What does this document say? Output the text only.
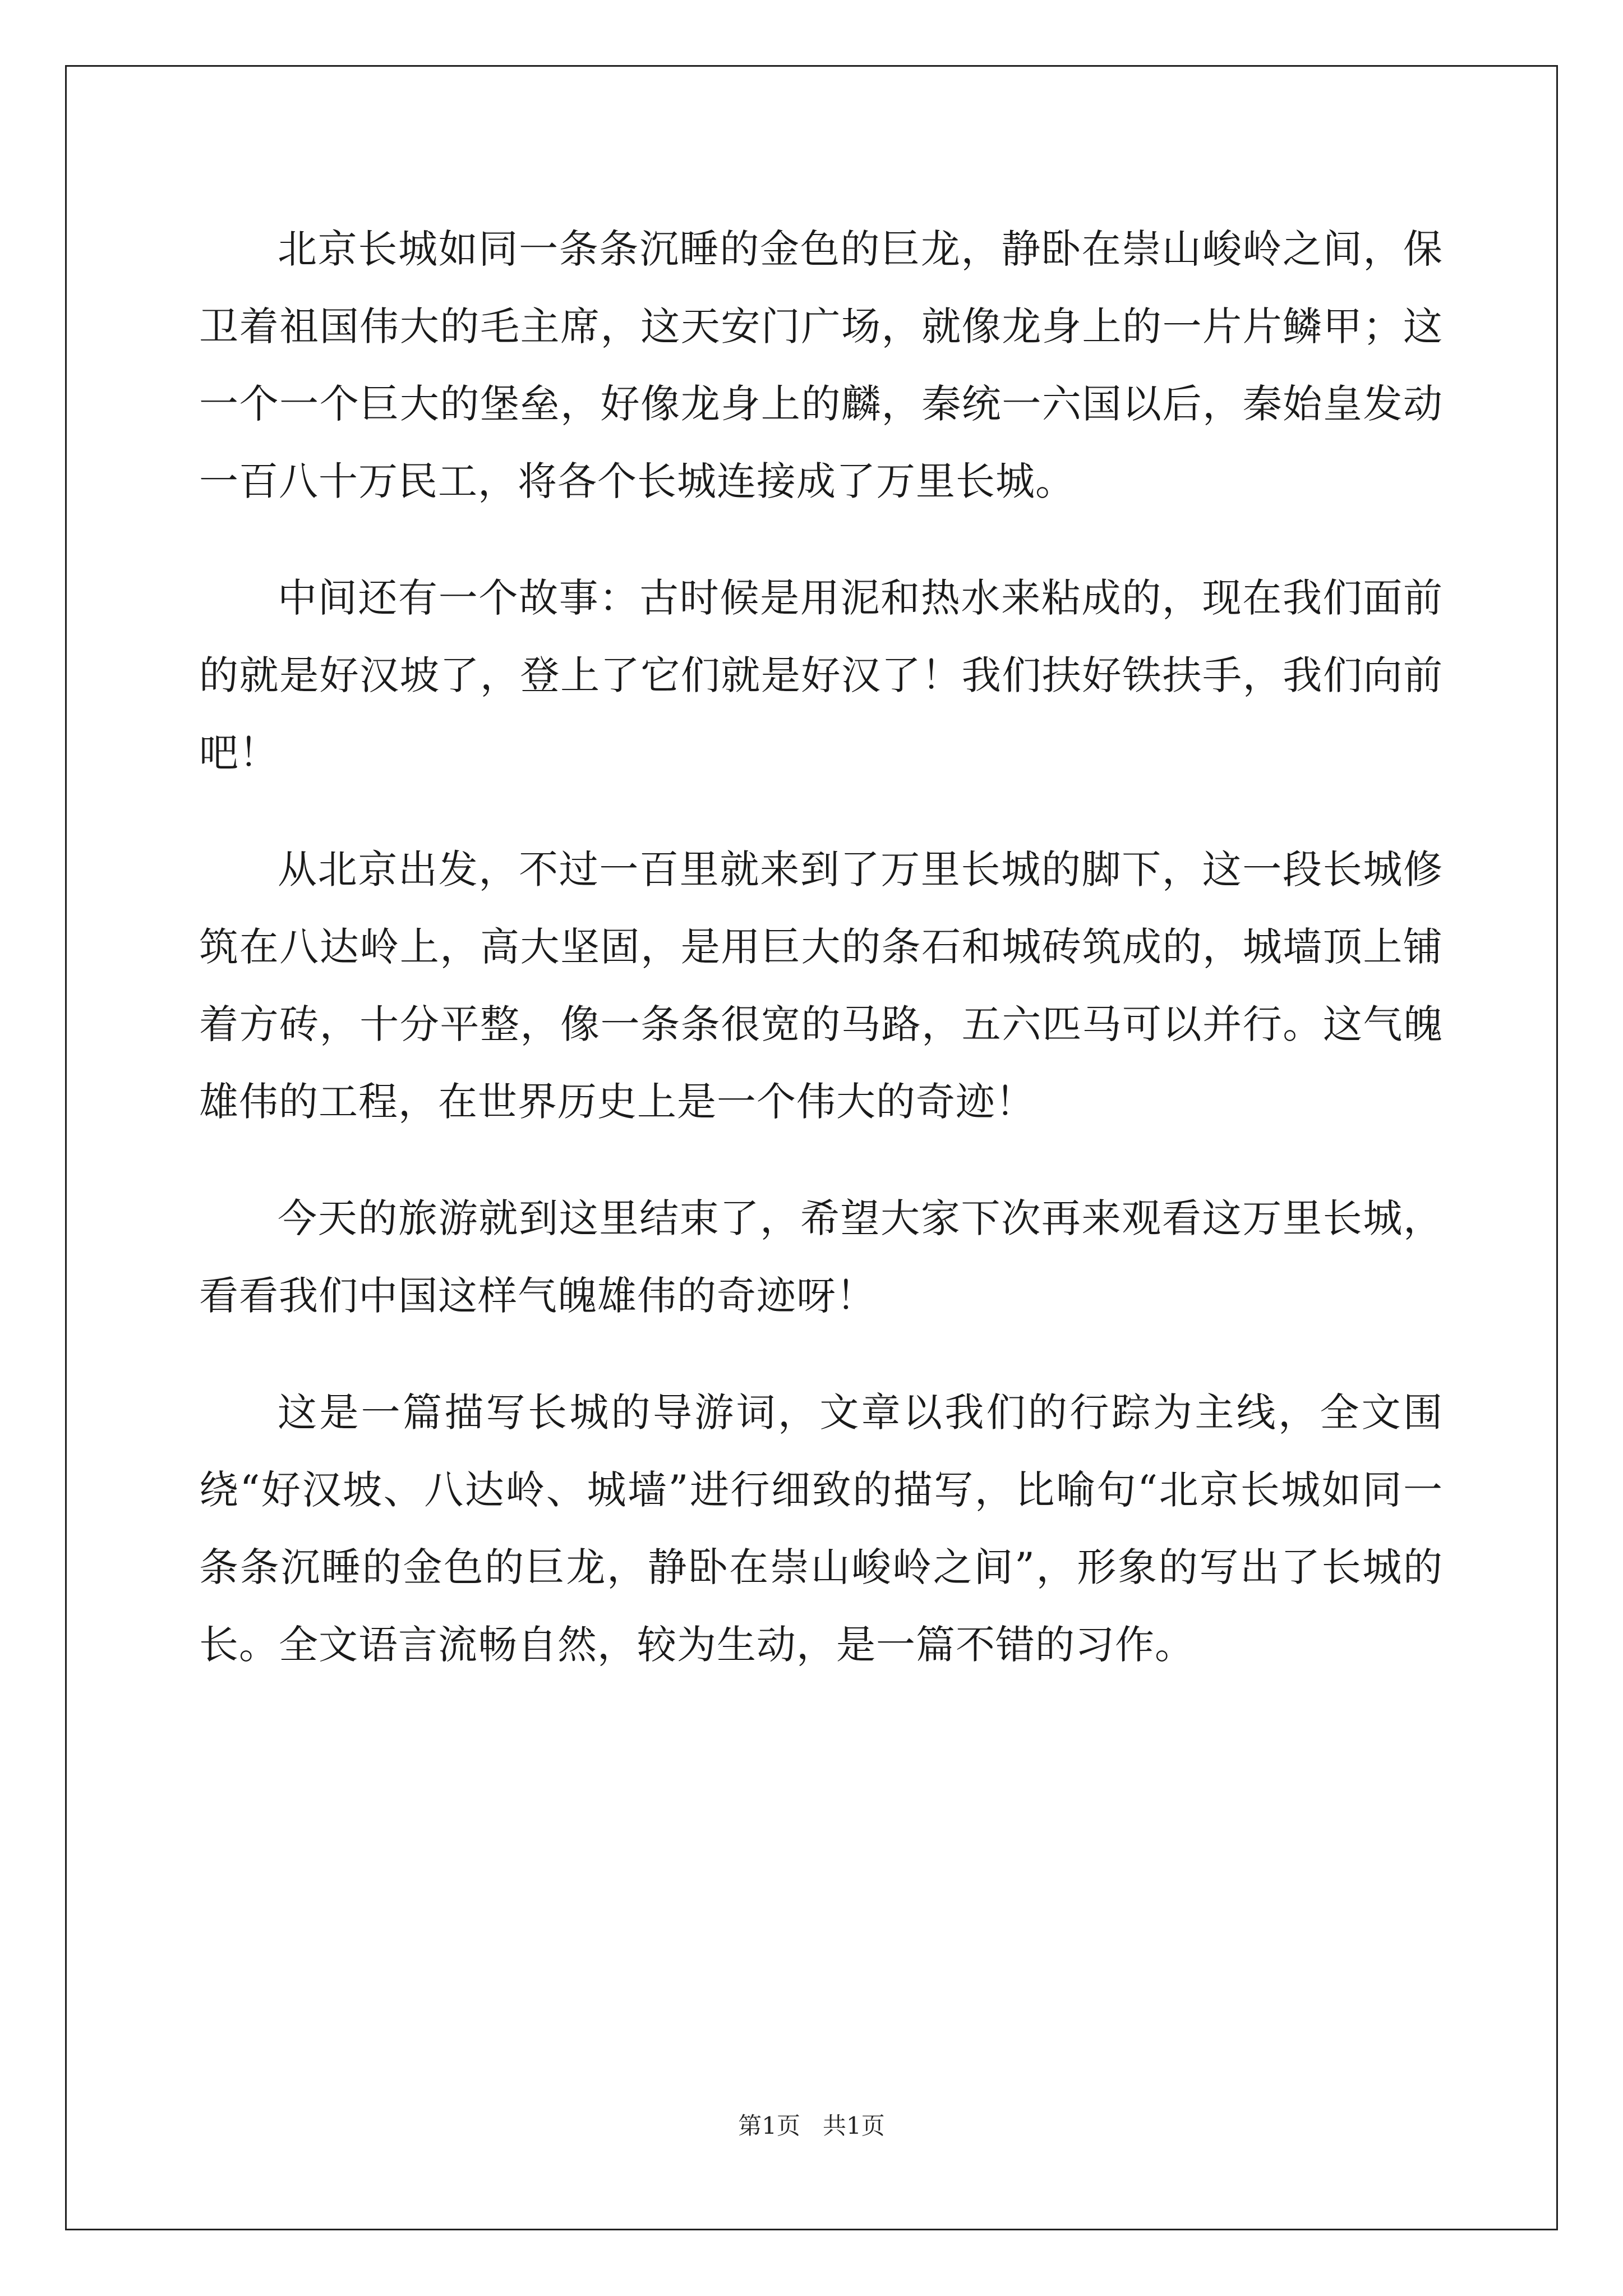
北京长城如同一条条沉睡的金色的巨龙，静卧在崇山峻岭之间，保卫着祖国伟大的毛主席，这天安门广场，就像龙身上的一片片鳞甲；这一个一个巨大的堡垒，好像龙身上的麟，秦统一六国以后，秦始皇发动一百八十万民工，将各个长城连接成了万里长城。

中间还有一个故事：古时候是用泥和热水来粘成的，现在我们面前的就是好汉坡了，登上了它们就是好汉了！我们扶好铁扶手，我们向前吧！

从北京出发，不过一百里就来到了万里长城的脚下，这一段长城修筑在八达岭上，高大坚固，是用巨大的条石和城砖筑成的，城墙顶上铺着方砖，十分平整，像一条条很宽的马路，五六匹马可以并行。这气魄雄伟的工程，在世界历史上是一个伟大的奇迹！

今天的旅游就到这里结束了，希望大家下次再来观看这万里长城，看看我们中国这样气魄雄伟的奇迹呀！

这是一篇描写长城的导游词，文章以我们的行踪为主线，全文围绕“好汉坡、八达岭、城墙”进行细致的描写，比喻句“北京长城如同一条条沉睡的金色的巨龙，静卧在崇山峻岭之间”，形象的写出了长城的长。全文语言流畅自然，较为生动，是一篇不错的习作。

第1页 共1页
